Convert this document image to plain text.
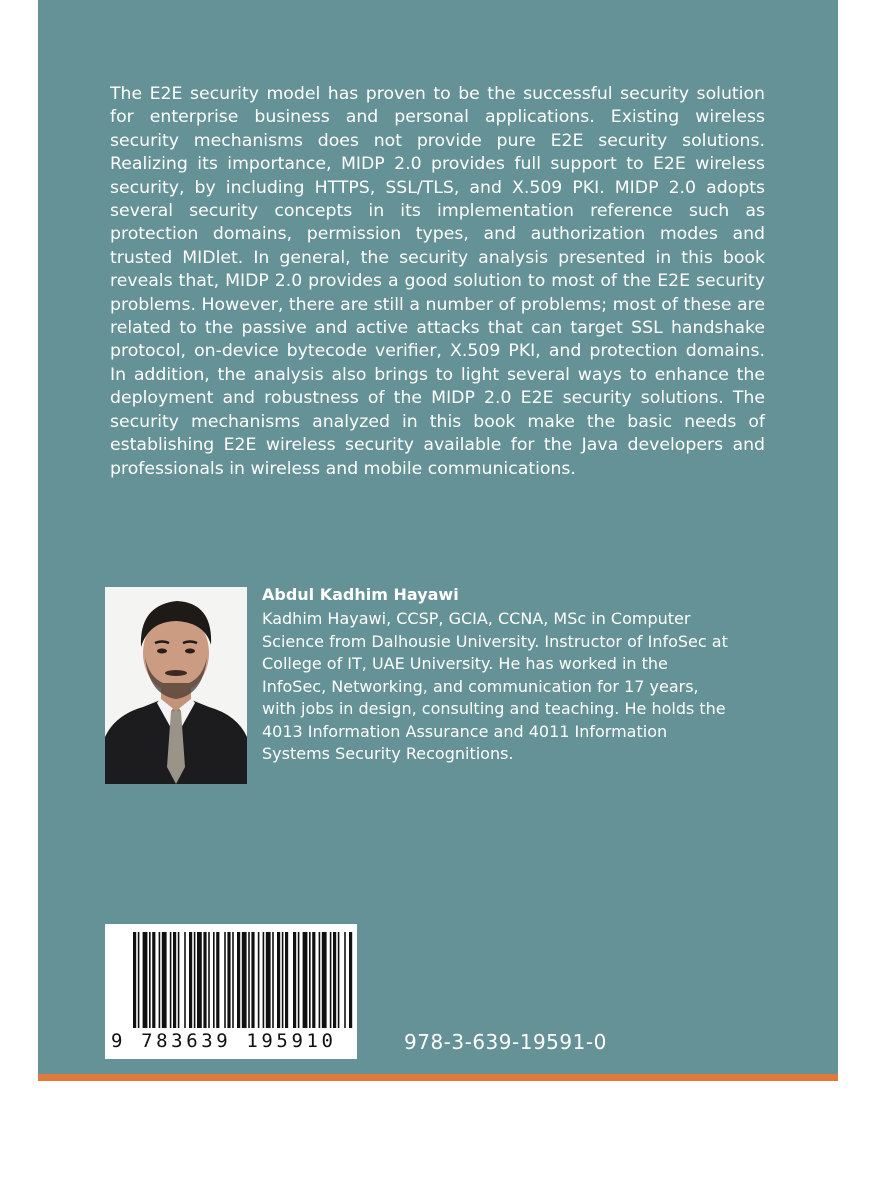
The E2E security model has proven to be the successful security solution for enterprise business and personal applications. Existing wireless security mechanisms does not provide pure E2E security solutions. Realizing its importance, MIDP 2.0 provides full support to E2E wireless security, by including HTTPS, SSL/TLS, and X.509 PKI. MIDP 2.0 adopts several security concepts in its implementation reference such as protection domains, permission types, and authorization modes and trusted MIDlet. In general, the security analysis presented in this book reveals that, MIDP 2.0 provides a good solution to most of the E2E security problems. However, there are still a number of problems; most of these are related to the passive and active attacks that can target SSL handshake protocol, on-device bytecode verifier, X.509 PKI, and protection domains. In addition, the analysis also brings to light several ways to enhance the deployment and robustness of the MIDP 2.0 E2E security solutions. The security mechanisms analyzed in this book make the basic needs of establishing E2E wireless security available for the Java developers and professionals in wireless and mobile communications.

Abdul Kadhim Hayawi

Kadhim Hayawi, CCSP, GCIA, CCNA, MSc in Computer Science from Dalhousie University. Instructor of InfoSec at College of IT, UAE University. He has worked in the InfoSec, Networking, and communication for 17 years, with jobs in design, consulting and teaching. He holds the 4013 Information Assurance and 4011 Information Systems Security Recognitions.

9 783639 195910	978-3-639-19591-0
